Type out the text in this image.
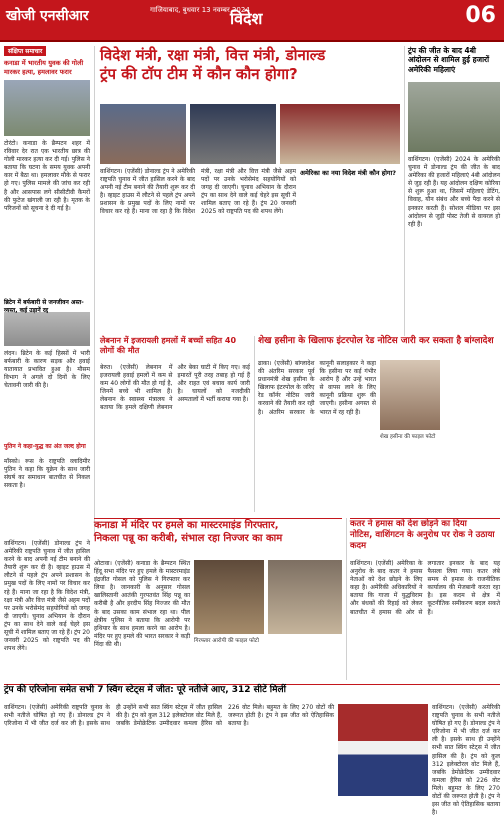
खोजी एनसीआर	गाजियाबाद, बुधवार 13 नवम्बर 2024
विदेश	06
संक्षिप्त समाचार
कनाडा में भारतीय युवक की गोली मारकर हत्या, हमलावर फरार
टोरंटो। कनाडा के ब्रैम्पटन शहर में रविवार देर रात एक भारतीय छात्र की गोली मारकर हत्या कर दी गई। पुलिस ने बताया कि घटना के समय युवक अपनी कार में बैठा था। हमलावर मौके से फरार हो गए। पुलिस मामले की जांच कर रही है और आसपास लगे सीसीटीवी कैमरों की फुटेज खंगाली जा रही है। मृतक के परिजनों को सूचना दे दी गई है।
ब्रिटेन में बर्फबारी से जनजीवन अस्त-व्यस्त, कई उड़ानें रद्द
लंदन। ब्रिटेन के कई हिस्सों में भारी बर्फबारी के कारण सड़क और हवाई यातायात प्रभावित हुआ है। मौसम विभाग ने अगले दो दिनों के लिए चेतावनी जारी की है।
पुतिन ने कहा-युद्ध का अंत जल्द होगा
मॉस्को। रूस के राष्ट्रपति व्लादिमीर पुतिन ने कहा कि यूक्रेन के साथ जारी संघर्ष का समाधान बातचीत से निकल सकता है।
विदेश मंत्री, रक्षा मंत्री, वित्त मंत्री, डोनाल्ड
ट्रंप की टॉप टीम में कौन कौन होगा?
वाशिंगटन। (एजेंसी) डोनाल्ड ट्रंप ने अमेरिकी राष्ट्रपति चुनाव में जीत हासिल करने के बाद अपनी नई टीम बनाने की तैयारी शुरू कर दी है। व्हाइट हाउस में लौटने से पहले ट्रंप अपने प्रशासन के प्रमुख पदों के लिए नामों पर विचार कर रहे हैं। माना जा रहा है कि विदेश मंत्री, रक्षा मंत्री और वित्त मंत्री जैसे अहम पदों पर उनके भरोसेमंद सहयोगियों को जगह दी जाएगी। चुनाव अभियान के दौरान ट्रंप का साथ देने वाले कई चेहरे इस सूची में शामिल बताए जा रहे हैं। ट्रंप 20 जनवरी 2025 को राष्ट्रपति पद की शपथ लेंगे।
अमेरिका का नया विदेश मंत्री कौन होगा?
ट्रंप की जीत के बाद 4बी आंदोलन से शामिल हुई हजारों अमेरिकी महिलाएं
वाशिंगटन। (एजेंसी) 2024 के अमेरिकी चुनाव में डोनाल्ड ट्रंप की जीत के बाद अमेरिका की हजारों महिलाएं 4बी आंदोलन से जुड़ रही हैं। यह आंदोलन दक्षिण कोरिया से शुरू हुआ था, जिसमें महिलाएं डेटिंग, विवाह, यौन संबंध और बच्चे पैदा करने से इनकार करती हैं। सोशल मीडिया पर इस आंदोलन से जुड़ी पोस्ट तेजी से वायरल हो रही हैं।
लेबनान में इजरायली हमलों में बच्चों सहित 40 लोगों की मौत
बेरुत। (एजेंसी) लेबनान में इजरायली हवाई हमलों में कम से कम 40 लोगों की मौत हो गई है, जिनमें बच्चे भी शामिल हैं। लेबनान के स्वास्थ्य मंत्रालय ने बताया कि हमले दक्षिणी लेबनान और बेका घाटी में किए गए। कई इमारतें पूरी तरह तबाह हो गई हैं और राहत एवं बचाव कार्य जारी है। घायलों को नजदीकी अस्पतालों में भर्ती कराया गया है।
शेख हसीना के खिलाफ इंटरपोल रेड नोटिस जारी कर सकता है बांग्लादेश
ढाका। (एजेंसी) बांग्लादेश की अंतरिम सरकार पूर्व प्रधानमंत्री शेख हसीना के खिलाफ इंटरपोल के जरिए रेड कॉर्नर नोटिस जारी करवाने की तैयारी कर रही है। अंतरिम सरकार के कानूनी सलाहकार ने कहा कि हसीना पर कई गंभीर आरोप हैं और उन्हें भारत से वापस लाने के लिए कानूनी प्रक्रिया शुरू की जाएगी। हसीना अगस्त से भारत में रह रही हैं।
शेख हसीना की फाइल फोटो
कनाडा में मंदिर पर हमले का मास्टरमाइंड गिरफ्तार,
निकला पन्नू का करीबी, संभाल रहा निज्जर का काम
ओटावा। (एजेंसी) कनाडा के ब्रैम्पटन स्थित हिंदू सभा मंदिर पर हुए हमले के मास्टरमाइंड इंद्रजीत गोसल को पुलिस ने गिरफ्तार कर लिया है। जानकारी के अनुसार गोसल खालिस्तानी आतंकी गुरपतवंत सिंह पन्नू का करीबी है और हरदीप सिंह निज्जर की मौत के बाद उसका काम संभाल रहा था। पील क्षेत्रीय पुलिस ने बताया कि आरोपी पर हथियार के साथ हमला करने का आरोप है। मंदिर पर हुए हमले की भारत सरकार ने कड़ी निंदा की थी।	गिरफ्तार आरोपी की फाइल फोटो
कतर ने हमास को देश छोड़ने का दिया
नोटिस, वाशिंगटन के अनुरोध पर रोक ने उठाया कदम
वाशिंगटन। (एजेंसी) अमेरिका के अनुरोध के बाद कतर ने हमास नेताओं को देश छोड़ने के लिए कहा है। अमेरिकी अधिकारियों ने बताया कि गाजा में युद्धविराम और बंधकों की रिहाई को लेकर बातचीत में हमास की ओर से लगातार इनकार के बाद यह फैसला लिया गया। कतर लंबे समय से हमास के राजनीतिक कार्यालय की मेजबानी करता रहा है। इस कदम से क्षेत्र में कूटनीतिक समीकरण बदल सकते हैं।
वाशिंगटन। (एजेंसी) डोनाल्ड ट्रंप ने अमेरिकी राष्ट्रपति चुनाव में जीत हासिल करने के बाद अपनी नई टीम बनाने की तैयारी शुरू कर दी है। व्हाइट हाउस में लौटने से पहले ट्रंप अपने प्रशासन के प्रमुख पदों के लिए नामों पर विचार कर रहे हैं। माना जा रहा है कि विदेश मंत्री, रक्षा मंत्री और वित्त मंत्री जैसे अहम पदों पर उनके भरोसेमंद सहयोगियों को जगह दी जाएगी। चुनाव अभियान के दौरान ट्रंप का साथ देने वाले कई चेहरे इस सूची में शामिल बताए जा रहे हैं। ट्रंप 20 जनवरी 2025 को राष्ट्रपति पद की शपथ लेंगे।
ट्रंप की एरिजोना समेत सभी 7 स्विंग स्टेट्स में जीत: पूरे नतीजे आए, 312 सीटें मिलीं
वाशिंगटन। (एजेंसी) अमेरिकी राष्ट्रपति चुनाव के सभी नतीजे घोषित हो गए हैं। डोनाल्ड ट्रंप ने एरिजोना में भी जीत दर्ज कर ली है। इसके साथ ही उन्होंने सभी सात स्विंग स्टेट्स में जीत हासिल की है। ट्रंप को कुल 312 इलेक्टोरल वोट मिले हैं, जबकि डेमोक्रेटिक उम्मीदवार कमला हैरिस को 226 वोट मिले। बहुमत के लिए 270 वोटों की जरूरत होती है। ट्रंप ने इस जीत को ऐतिहासिक बताया है।
वाशिंगटन। (एजेंसी) अमेरिकी राष्ट्रपति चुनाव के सभी नतीजे घोषित हो गए हैं। डोनाल्ड ट्रंप ने एरिजोना में भी जीत दर्ज कर ली है। इसके साथ ही उन्होंने सभी सात स्विंग स्टेट्स में जीत हासिल की है। ट्रंप को कुल 312 इलेक्टोरल वोट मिले हैं, जबकि डेमोक्रेटिक उम्मीदवार कमला हैरिस को 226 वोट मिले। बहुमत के लिए 270 वोटों की जरूरत होती है। ट्रंप ने इस जीत को ऐतिहासिक बताया है।
